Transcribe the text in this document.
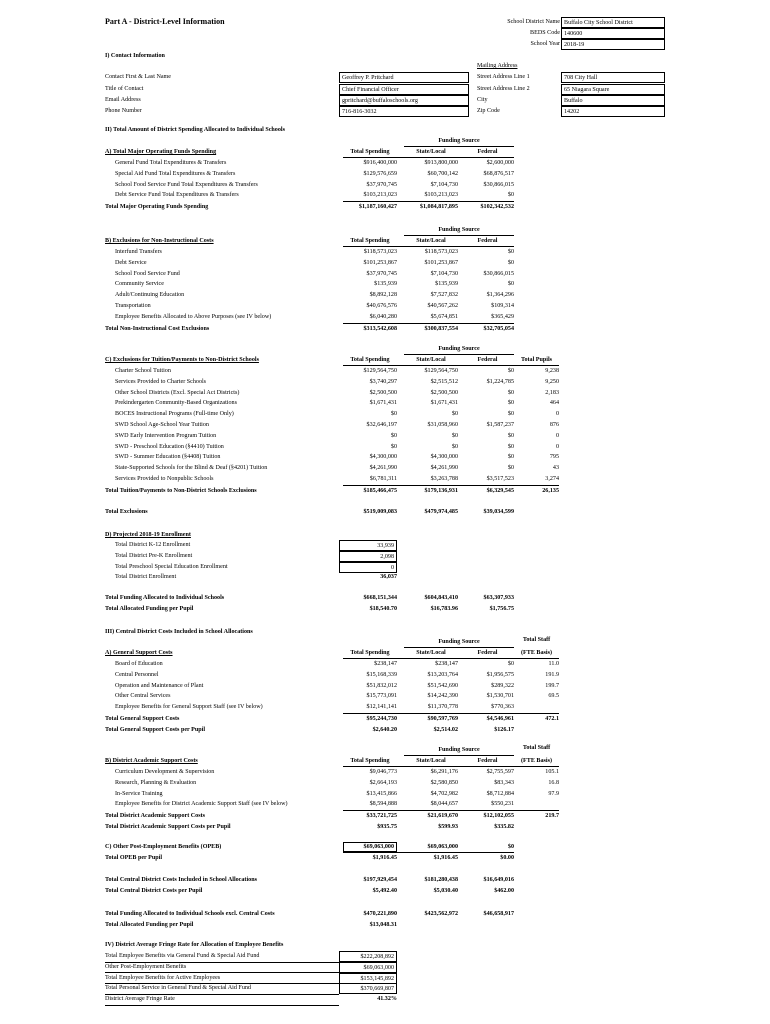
Part A - District-Level Information	School District Name Buffalo City School District
BEDS Code 140600
School Year 2018-19
I) Contact Information
Mailing Address
Contact First & Last Name	Geoffrey P. Pritchard	Street Address Line 1	708 City Hall
Title of Contact	Chief Financial Officer	Street Address Line 2	65 Niagara Square
Email Address	gpritchard@buffaloschools.org	City	Buffalo
Phone Number	716-816-3032	Zip Code	14202
II) Total Amount of District Spending Allocated to Individual Schools
Funding Source
Total Spending	State/Local	Federal
A) Total Major Operating Funds Spending
General Fund Total Expenditures & Transfers	$916,400,000	$913,800,000	$2,600,000
Special Aid Fund Total Expenditures & Transfers	$129,576,659	$60,700,142	$68,876,517
School Food Service Fund Total Expenditures & Transfers	$37,970,745	$7,104,730	$30,866,015
Debt Service Fund Total Expenditures & Transfers	$103,213,023	$103,213,023	$0
Total Major Operating Funds Spending	$1,187,160,427	$1,084,817,895	$102,342,532
Funding Source
Total Spending	State/Local	Federal
B) Exclusions for Non-Instructional Costs
Interfund Transfers	$118,573,023	$118,573,023	$0
Debt Service	$101,253,867	$101,253,867	$0
School Food Service Fund	$37,970,745	$7,104,730	$30,866,015
Community Service	$135,939	$135,939	$0
Adult/Continuing Education	$8,892,128	$7,527,832	$1,364,296
Transportation	$40,676,576	$40,567,262	$109,314
Employee Benefits Allocated to Above Purposes (see IV below)	$6,040,280	$5,674,851	$365,429
Total Non-Instructional Cost Exclusions	$313,542,608	$300,837,554	$32,705,054
Funding Source
Total Spending	State/Local	Federal	Total Pupils
C) Exclusions for Tuition/Payments to Non-District Schools
Charter School Tuition	$129,564,750	$129,564,750	$0	9,238
Services Provided to Charter Schools	$3,740,297	$2,515,512	$1,224,785	9,250
Other School Districts (Excl. Special Act Districts)	$2,500,500	$2,500,500	$0	2,183
Prekindergarten Community-Based Organizations	$1,671,431	$1,671,431	$0	464
BOCES Instructional Programs (Full-time Only)	$0	$0	$0	0
SWD School Age-School Year Tuition	$32,646,197	$31,058,960	$1,587,237	876
SWD Early Intervention Program Tuition	$0	$0	$0	0
SWD - Preschool Education (§4410) Tuition	$0	$0	$0	0
SWD - Summer Education (§4408) Tuition	$4,300,000	$4,300,000	$0	795
State-Supported Schools for the Blind & Deaf (§4201) Tuition	$4,261,990	$4,261,990	$0	43
Services Provided to Nonpublic Schools	$6,781,311	$3,263,788	$3,517,523	3,274
Total Tuition/Payments to Non-District Schools Exclusions	$185,466,475	$179,136,931	$6,329,545	26,135
Total Exclusions	$519,009,083	$479,974,485	$39,034,599
D) Projected 2018-19 Enrollment
Total District K-12 Enrollment	33,939
Total District Pre-K Enrollment	2,098
Total Preschool Special Education Enrollment	0
Total District Enrollment	36,037
Total Funding Allocated to Individual Schools	$668,151,344	$604,843,410	$63,307,933
Total Allocated Funding per Pupil	$18,540.70	$16,783.96	$1,756.75
III) Central District Costs Included in School Allocations
Funding Source
Total Spending	State/Local	Federal
Total Staff
(FTE Basis)
A) General Support Costs
Board of Education	$238,147	$238,147	$0	11.0
Central Personnel	$15,168,339	$13,203,764	$1,956,575	191.9
Operation and Maintenance of Plant	$51,832,012	$51,542,690	$289,322	199.7
Other Central Services	$15,773,091	$14,242,390	$1,530,701	69.5
Employee Benefits for General Support Staff (see IV below)	$12,141,141	$11,370,778	$770,363
Total General Support Costs	$95,244,730	$90,597,769	$4,546,961	472.1
Total General Support Costs per Pupil	$2,640.20	$2,514.02	$126.17
Funding Source
Total Spending	State/Local	Federal
Total Staff
(FTE Basis)
B) District Academic Support Costs
Curriculum Development & Supervision	$9,046,773	$6,291,176	$2,755,597	105.1
Research, Planning & Evaluation	$2,664,193	$2,580,850	$83,343	16.8
In-Service Training	$13,415,866	$4,702,982	$8,712,884	97.9
Employee Benefits for District Academic Support Staff (see IV below)	$8,594,888	$8,044,657	$550,231
Total District Academic Support Costs	$33,721,725	$21,619,670	$12,102,055	219.7
Total District Academic Support Costs per Pupil	$935.75	$599.93	$335.82
C) Other Post-Employment Benefits (OPEB)	$69,063,000	$69,063,000	$0
Total OPEB per Pupil	$1,916.45	$1,916.45	$0.00
Total Central District Costs Included in School Allocations	$197,929,454	$181,280,438	$16,649,016
Total Central District Costs per Pupil	$5,492.40	$5,030.40	$462.00
Total Funding Allocated to Individual Schools excl. Central Costs	$470,221,890	$423,562,972	$46,658,917
Total Allocated Funding per Pupil	$13,048.31
IV) District Average Fringe Rate for Allocation of Employee Benefits
Total Employee Benefits via General Fund & Special Aid Fund	$222,208,892
Other Post-Employment Benefits	$69,063,000
Total Employee Benefits for Active Employees	$153,145,892
Total Personal Service in General Fund & Special Aid Fund	$370,669,807
District Average Fringe Rate	41.32%
